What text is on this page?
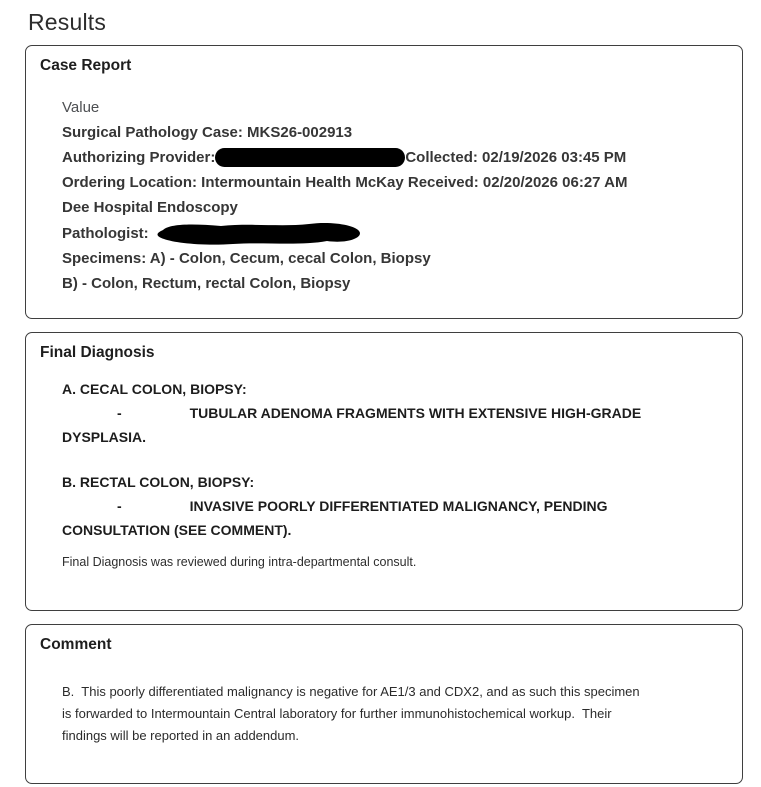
Results
Case Report
Value
Surgical Pathology Case: MKS26-002913
Authorizing Provider:	Collected: 02/19/2026 03:45 PM
Ordering Location: Intermountain Health McKay Received: 02/20/2026 06:27 AM
Dee Hospital Endoscopy
Pathologist:
Specimens: A) - Colon, Cecum, cecal Colon, Biopsy
B) - Colon, Rectum, rectal Colon, Biopsy
Final Diagnosis
A. CECAL COLON, BIOPSY:
-	TUBULAR ADENOMA FRAGMENTS WITH EXTENSIVE HIGH-GRADE
DYSPLASIA.
B. RECTAL COLON, BIOPSY:
-	INVASIVE POORLY DIFFERENTIATED MALIGNANCY, PENDING
CONSULTATION (SEE COMMENT).
Final Diagnosis was reviewed during intra-departmental consult.
Comment

B.  This poorly differentiated malignancy is negative for AE1/3 and CDX2, and as such this specimen

is forwarded to Intermountain Central laboratory for further immunohistochemical workup.  Their

findings will be reported in an addendum.
